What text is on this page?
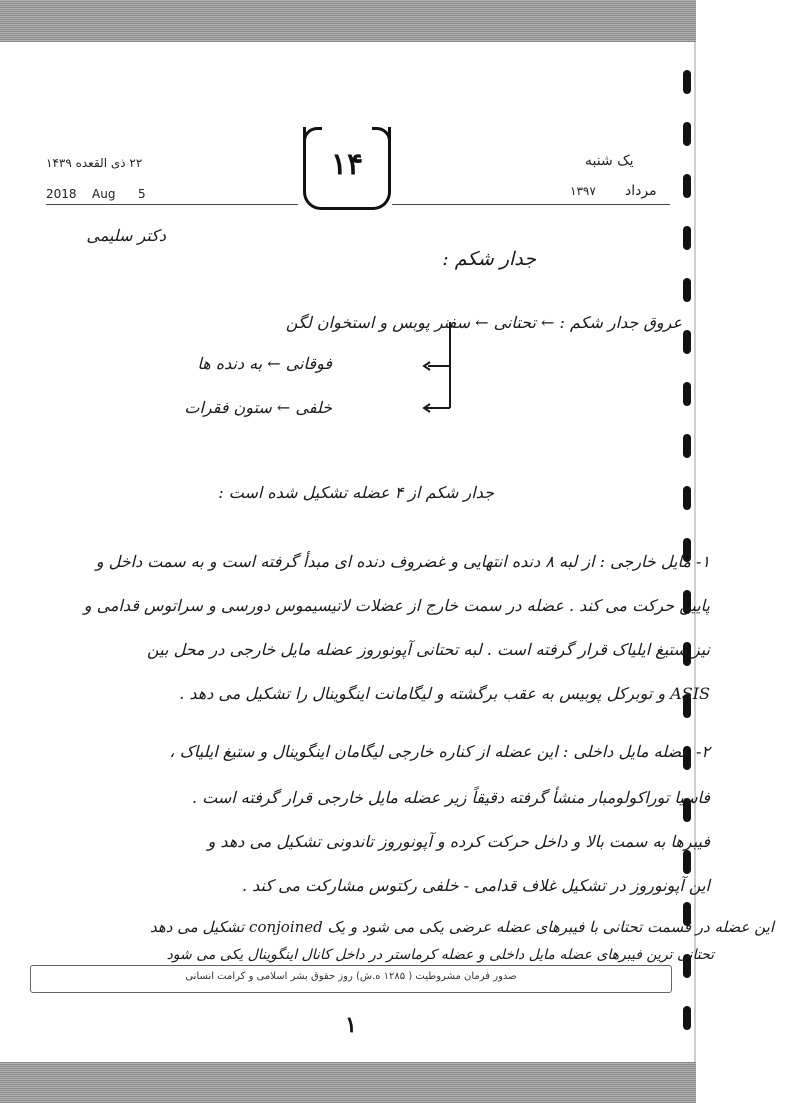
۲۲ ذی القعده ۱۴۳۹
2018 Aug 5
یک شنبه
مرداد
۱۳۹۷
۱۴
دکتر سلیمی
جدار شکم :
عروق جدار شکم : ← تحتانی ← سفنر پوبس و استخوان لگن
فوقانی ← به دنده ها
خلفی ← ستون فقرات
جدار شکم از ۴ عضله تشکیل شده است :
۱- مایل خارجی : از لبه ۸ دنده انتهایی و غضروف دنده ای مبدأ گرفته است و به سمت داخل و
پایین حرکت می کند . عضله در سمت خارج از عضلات لاتیسیموس دورسی و سراتوس قدامی و
نیز ستیغ ایلیاک قرار گرفته است . لبه تحتانی آپونوروز عضله مایل خارجی در محل بین
ASIS و توبرکل پوبیس به عقب برگشته و لیگامانت اینگوینال را تشکیل می دهد .
۲- عضله مایل داخلی : این عضله از کناره خارجی لیگامان اینگوینال و ستیغ ایلیاک ،
فاسیا توراکولومبار منشأ گرفته دقیقاً زیر عضله مایل خارجی قرار گرفته است .
فیبرها به سمت بالا و داخل حرکت کرده و آپونوروز تاندونی تشکیل می دهد و
این آپونوروز در تشکیل غلاف قدامی - خلفی رکتوس مشارکت می کند .
این عضله در قسمت تحتانی با فیبرهای عضله عرضی یکی می شود و یک conjoined تشکیل می دهد
تحتانی ترین فیبرهای عضله مایل داخلی و عضله کرماستر در داخل کانال اینگوینال یکی می شود
صدور فرمان مشروطیت ( ۱۲۸۵ ه.ش) روز حقوق بشر اسلامی و کرامت انسانی
۱
